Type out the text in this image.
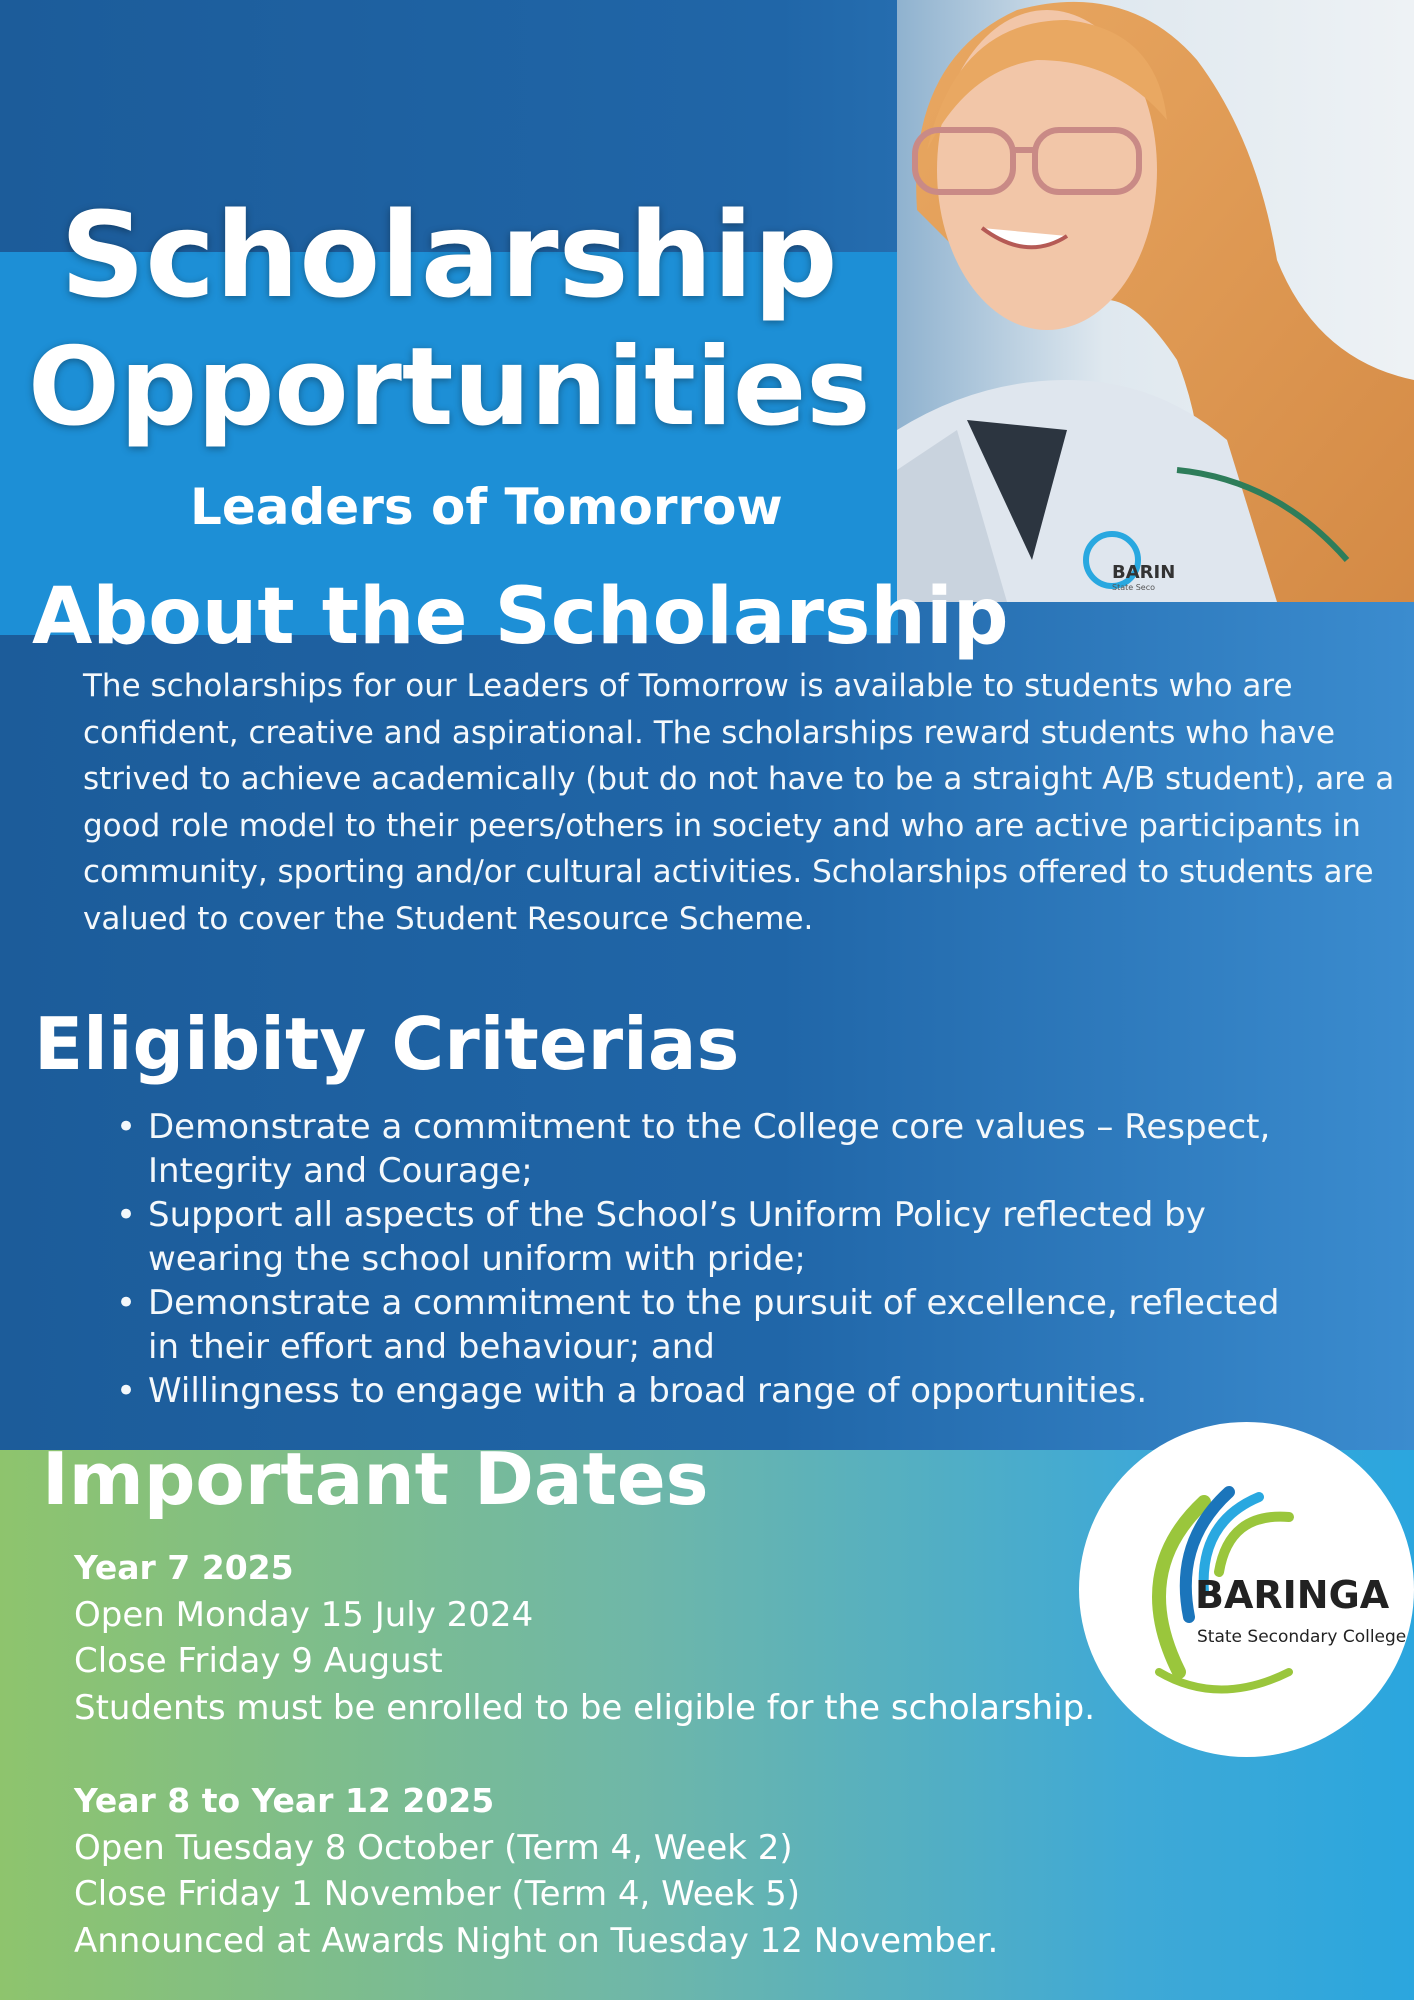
BARIN
State Seco
Scholarship
Opportunities

Leaders of Tomorrow

About the Scholarship

The scholarships for our Leaders of Tomorrow is available to students who are confident, creative and aspirational. The scholarships reward students who have strived to achieve academically (but do not have to be a straight A/B student), are a good role model to their peers/others in society and who are active participants in community, sporting and/or cultural activities. Scholarships offered to students are valued to cover the Student Resource Scheme.

Eligibity Criterias
• Demonstrate a commitment to the College core values – Respect, Integrity and Courage;
• Support all aspects of the School’s Uniform Policy reflected by wearing the school uniform with pride;
• Demonstrate a commitment to the pursuit of excellence, reflected in their effort and behaviour; and
• Willingness to engage with a broad range of opportunities.
Important Dates
Year 7 2025
Open Monday 15 July 2024
Close Friday 9 August
Students must be enrolled to be eligible for the scholarship.
Year 8 to Year 12 2025
Open Tuesday 8 October (Term 4, Week 2)
Close Friday 1 November (Term 4, Week 5)
Announced at Awards Night on Tuesday 12 November.
BARINGA
State Secondary College
